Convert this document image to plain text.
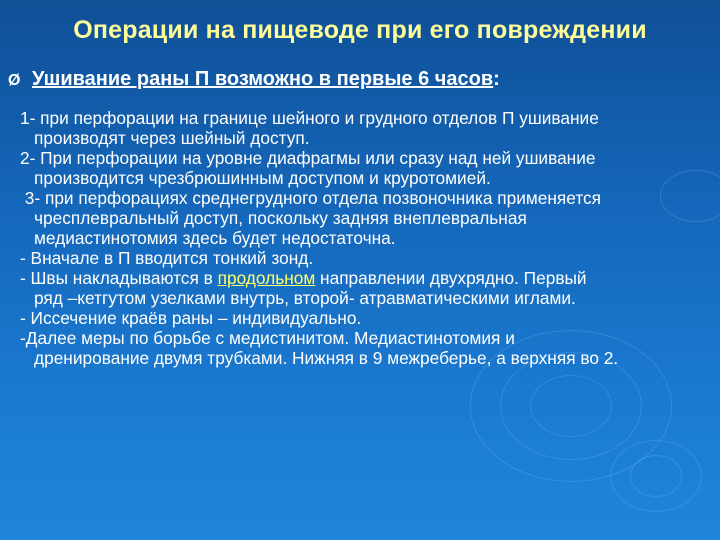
Операции на пищеводе при его повреждении
Ø Ушивание раны П возможно в первые 6 часов:
1- при перфорации на границе шейного и грудного отделов П ушивание
производят через шейный доступ.
2- При перфорации на уровне диафрагмы или сразу над ней ушивание
производится чрезбрюшинным доступом и круротомией.
3- при перфорациях среднегрудного отдела позвоночника применяется
чресплевральный доступ, поскольку задняя внеплевральная
медиастинотомия здесь будет недостаточна.
- Вначале в П вводится тонкий зонд.
- Швы накладываются в продольном направлении двухрядно. Первый
ряд –кетгутом узелками внутрь, второй- атравматическими иглами.
- Иссечение краёв раны – индивидуально.
-Далее меры по борьбе с медистинитом. Медиастинотомия и
дренирование двумя трубками. Нижняя в 9 межреберье, а верхняя во 2.
